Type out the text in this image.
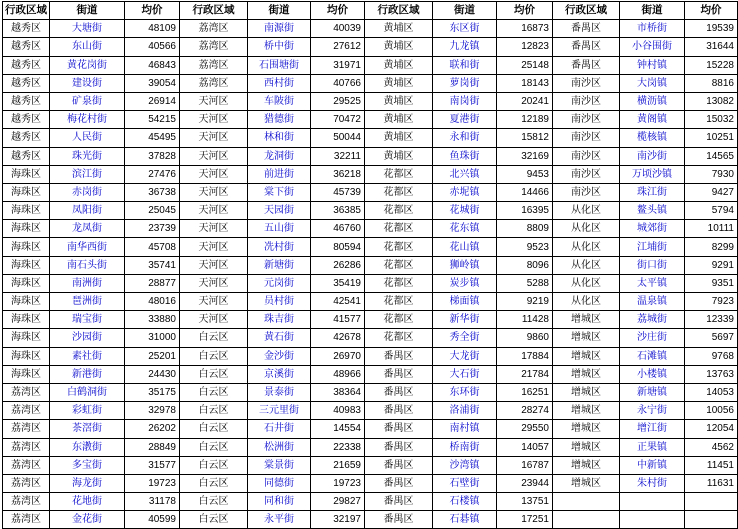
行政区域	街道	均价	行政区域	街道	均价	行政区域	街道	均价	行政区域	街道	均价
越秀区	大塘街	48109	荔湾区	南源街	40039	黄埔区	东区街	16873	番禺区	市桥街	19539
越秀区	东山街	40566	荔湾区	桥中街	27612	黄埔区	九龙镇	12823	番禺区	小谷围街	31644
越秀区	黄花岗街	46843	荔湾区	石围塘街	31971	黄埔区	联和街	25148	番禺区	钟村镇	15228
越秀区	建设街	39054	荔湾区	西村街	40766	黄埔区	萝岗街	18143	南沙区	大岗镇	8816
越秀区	矿泉街	26914	天河区	车陂街	29525	黄埔区	南岗街	20241	南沙区	横沥镇	13082
越秀区	梅花村街	54215	天河区	猎德街	70472	黄埔区	夏港街	12189	南沙区	黄阁镇	15032
越秀区	人民街	45495	天河区	林和街	50044	黄埔区	永和街	15812	南沙区	榄核镇	10251
越秀区	珠光街	37828	天河区	龙洞街	32211	黄埔区	鱼珠街	32169	南沙区	南沙街	14565
海珠区	滨江街	27476	天河区	前进街	36218	花都区	北兴镇	9453	南沙区	万顷沙镇	7930
海珠区	赤岗街	36738	天河区	棠下街	45739	花都区	赤坭镇	14466	南沙区	珠江街	9427
海珠区	凤阳街	25045	天河区	天园街	36385	花都区	花城街	16395	从化区	鳌头镇	5794
海珠区	龙凤街	23739	天河区	五山街	46760	花都区	花东镇	8809	从化区	城郊街	10111
海珠区	南华西街	45708	天河区	冼村街	80594	花都区	花山镇	9523	从化区	江埔街	8299
海珠区	南石头街	35741	天河区	新塘街	26286	花都区	狮岭镇	8096	从化区	街口街	9291
海珠区	南洲街	28877	天河区	元岗街	35419	花都区	炭步镇	5288	从化区	太平镇	9351
海珠区	琶洲街	48016	天河区	员村街	42541	花都区	梯面镇	9219	从化区	温泉镇	7923
海珠区	瑞宝街	33880	天河区	珠吉街	41577	花都区	新华街	11428	增城区	荔城街	12339
海珠区	沙园街	31000	白云区	黄石街	42678	花都区	秀全街	9860	增城区	沙庄街	5697
海珠区	素社街	25201	白云区	金沙街	26970	番禺区	大龙街	17884	增城区	石滩镇	9768
海珠区	新港街	24430	白云区	京溪街	48966	番禺区	大石街	21784	增城区	小楼镇	13763
荔湾区	白鹤洞街	35175	白云区	景泰街	38364	番禺区	东环街	16251	增城区	新塘镇	14053
荔湾区	彩虹街	32978	白云区	三元里街	40983	番禺区	洛浦街	28274	增城区	永宁街	10056
荔湾区	茶滘街	26202	白云区	石井街	14554	番禺区	南村镇	29550	增城区	增江街	12054
荔湾区	东漖街	28849	白云区	松洲街	22338	番禺区	桥南街	14057	增城区	正果镇	4562
荔湾区	多宝街	31577	白云区	棠景街	21659	番禺区	沙湾镇	16787	增城区	中新镇	11451
荔湾区	海龙街	19723	白云区	同德街	19723	番禺区	石壁街	23944	增城区	朱村街	11631
荔湾区	花地街	31178	白云区	同和街	29827	番禺区	石楼镇	13751			
荔湾区	金花街	40599	白云区	永平街	32197	番禺区	石碁镇	17251			
